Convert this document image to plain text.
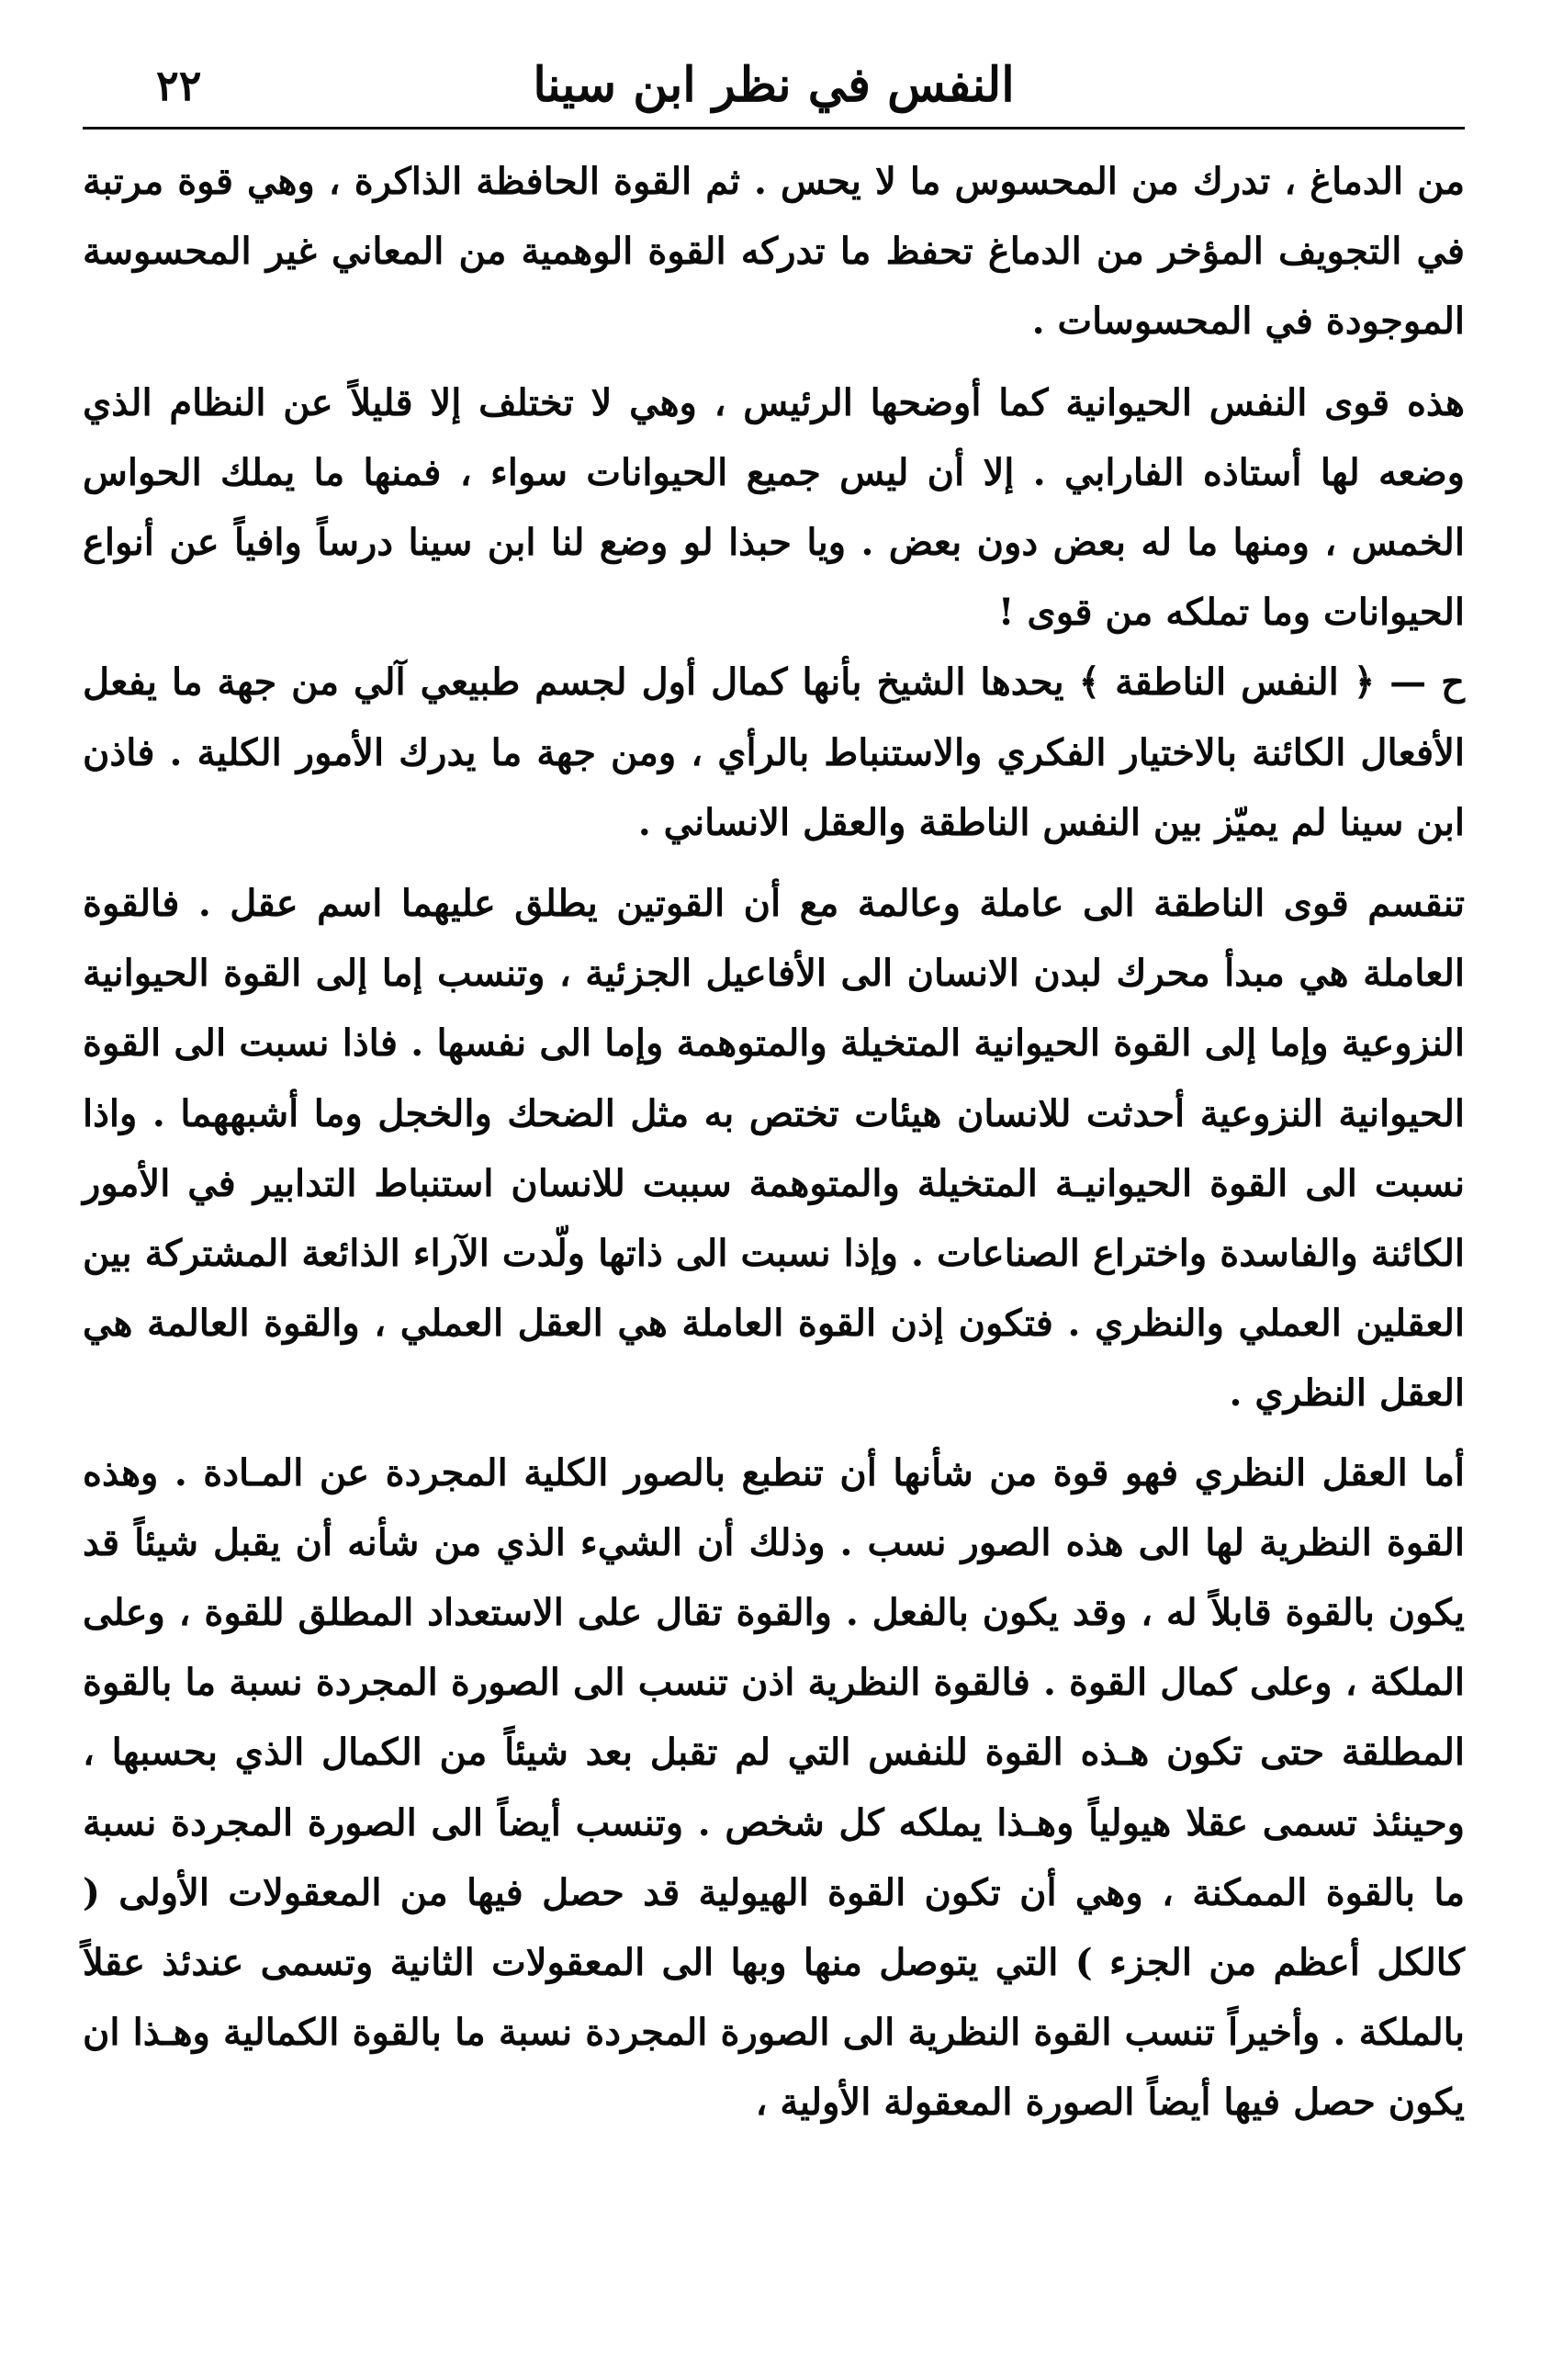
النفس في نظر ابن سينا
٢٢

من الدماغ ، تدرك من المحسوس ما لا يحس . ثم القوة الحافظة الذاكرة ، وهي قوة مرتبة في التجويف المؤخر من الدماغ تحفظ ما تدركه القوة الوهمية من المعاني غير المحسوسة الموجودة في المحسوسات .

هذه قوى النفس الحيوانية كما أوضحها الرئيس ، وهي لا تختلف إلا قليلاً عن النظام الذي وضعه لها أستاذه الفارابي . إلا أن ليس جميع الحيوانات سواء ، فمنها ما يملك الحواس الخمس ، ومنها ما له بعض دون بعض . ويا حبذا لو وضع لنا ابن سينا درساً وافياً عن أنواع الحيوانات وما تملكه من قوى !

ح — ﴿ النفس الناطقة ﴾ يحدها الشيخ بأنها كمال أول لجسم طبيعي آلي من جهة ما يفعل الأفعال الكائنة بالاختيار الفكري والاستنباط بالرأي ، ومن جهة ما يدرك الأمور الكلية . فاذن ابن سينا لم يميّز بين النفس الناطقة والعقل الانساني .

تنقسم قوى الناطقة الى عاملة وعالمة مع أن القوتين يطلق عليهما اسم عقل . فالقوة العاملة هي مبدأ محرك لبدن الانسان الى الأفاعيل الجزئية ، وتنسب إما إلى القوة الحيوانية النزوعية وإما إلى القوة الحيوانية المتخيلة والمتوهمة وإما الى نفسها . فاذا نسبت الى القوة الحيوانية النزوعية أحدثت للانسان هيئات تختص به مثل الضحك والخجل وما أشبههما . واذا نسبت الى القوة الحيوانيـة المتخيلة والمتوهمة سببت للانسان استنباط التدابير في الأمور الكائنة والفاسدة واختراع الصناعات . وإذا نسبت الى ذاتها ولّدت الآراء الذائعة المشتركة بين العقلين العملي والنظري . فتكون إذن القوة العاملة هي العقل العملي ، والقوة العالمة هي العقل النظري .

أما العقل النظري فهو قوة من شأنها أن تنطبع بالصور الكلية المجردة عن المـادة . وهذه القوة النظرية لها الى هذه الصور نسب . وذلك أن الشيء الذي من شأنه أن يقبل شيئاً قد يكون بالقوة قابلاً له ، وقد يكون بالفعل . والقوة تقال على الاستعداد المطلق للقوة ، وعلى الملكة ، وعلى كمال القوة . فالقوة النظرية اذن تنسب الى الصورة المجردة نسبة ما بالقوة المطلقة حتى تكون هـذه القوة للنفس التي لم تقبل بعد شيئاً من الكمال الذي بحسبها ، وحينئذ تسمى عقلا هيولياً وهـذا يملكه كل شخص . وتنسب أيضاً الى الصورة المجردة نسبة ما بالقوة الممكنة ، وهي أن تكون القوة الهيولية قد حصل فيها من المعقولات الأولى ( كالكل أعظم من الجزء ) التي يتوصل منها وبها الى المعقولات الثانية وتسمى عندئذ عقلاً بالملكة . وأخيراً تنسب القوة النظرية الى الصورة المجردة نسبة ما بالقوة الكمالية وهـذا ان يكون حصل فيها أيضاً الصورة المعقولة الأولية ،
